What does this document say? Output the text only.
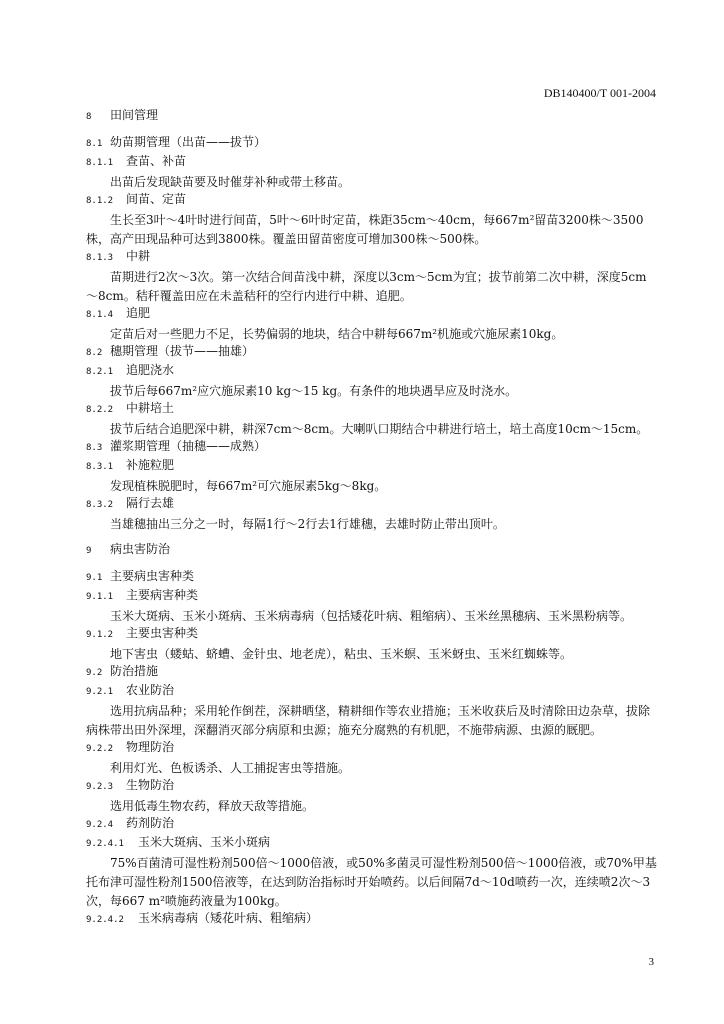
DB140400/T 001-2004
8 田间管理
8.1 幼苗期管理（出苗——拔节）
8.1.1 查苗、补苗
出苗后发现缺苗要及时催芽补种或带土移苗。
8.1.2 间苗、定苗
生长至3叶～4叶时进行间苗，5叶～6叶时定苗，株距35cm～40cm，每667m²留苗3200株～3500株，高产田现品种可达到3800株。覆盖田留苗密度可增加300株～500株。
8.1.3 中耕
苗期进行2次～3次。第一次结合间苗浅中耕，深度以3cm～5cm为宜；拔节前第二次中耕，深度5cm～8cm。秸秆覆盖田应在未盖秸秆的空行内进行中耕、追肥。
8.1.4 追肥
定苗后对一些肥力不足，长势偏弱的地块，结合中耕每667m²机施或穴施尿素10kg。
8.2 穗期管理（拔节——抽雄）
8.2.1 追肥浇水
拔节后每667m²应穴施尿素10 kg～15 kg。有条件的地块遇旱应及时浇水。
8.2.2 中耕培土
拔节后结合追肥深中耕，耕深7cm～8cm。大喇叭口期结合中耕进行培土，培土高度10cm～15cm。
8.3 灌浆期管理（抽穗——成熟）
8.3.1 补施粒肥
发现植株脱肥时，每667m²可穴施尿素5kg～8kg。
8.3.2 隔行去雄
当雄穗抽出三分之一时，每隔1行～2行去1行雄穗，去雄时防止带出顶叶。
9 病虫害防治
9.1 主要病虫害种类
9.1.1 主要病害种类
玉米大斑病、玉米小斑病、玉米病毒病（包括矮花叶病、粗缩病）、玉米丝黑穗病、玉米黑粉病等。
9.1.2 主要虫害种类
地下害虫（蝼蛄、蛴螬、金针虫、地老虎），粘虫、玉米螟、玉米蚜虫、玉米红蜘蛛等。
9.2 防治措施
9.2.1 农业防治
选用抗病品种；采用轮作倒茬，深耕晒垡，精耕细作等农业措施；玉米收获后及时清除田边杂草，拔除病株带出田外深埋，深翻消灭部分病原和虫源；施充分腐熟的有机肥，不施带病源、虫源的厩肥。
9.2.2 物理防治
利用灯光、色板诱杀、人工捕捉害虫等措施。
9.2.3 生物防治
选用低毒生物农药，释放天敌等措施。
9.2.4 药剂防治
9.2.4.1 玉米大斑病、玉米小斑病
75%百菌清可湿性粉剂500倍～1000倍液，或50%多菌灵可湿性粉剂500倍～1000倍液，或70%甲基托布津可湿性粉剂1500倍液等，在达到防治指标时开始喷药。以后间隔7d～10d喷药一次，连续喷2次～3次，每667 m²喷施药液量为100kg。
9.2.4.2 玉米病毒病（矮花叶病、粗缩病）
3
